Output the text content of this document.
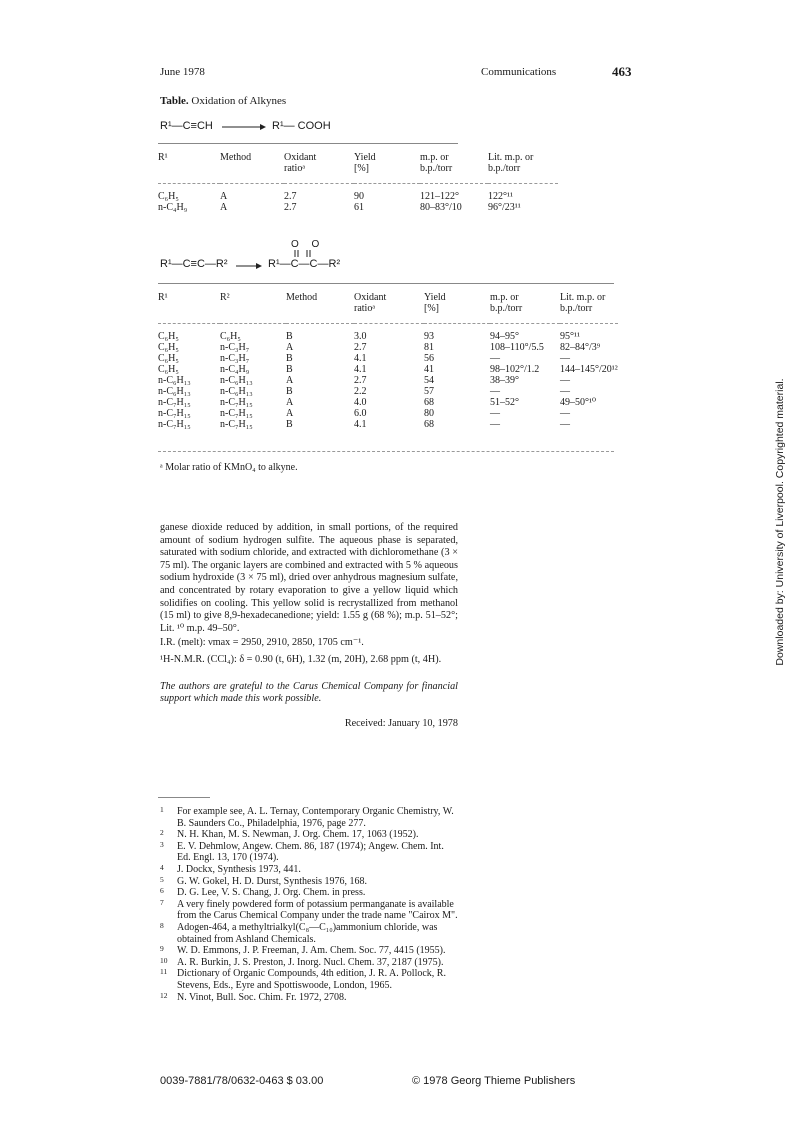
June 1978	Communications	463
Table. Oxidation of Alkynes
R¹—C≡CH → R¹— COOH
R¹	Method	Oxidant	Yield	m.p. or	Lit. m.p. or
		ratioᵃ	[%]	b.p./torr	b.p./torr

C₆H₅	A	2.7	90	121–122°	122°¹¹
n-C₄H₉	A	2.7	61	80–83°/10	96°/23¹¹
O O
R¹—C≡C—R² → R¹—C—C—R²
R¹	R²	Method	Oxidant	Yield	m.p. or	Lit. m.p. or
			ratioᵃ	[%]	b.p./torr	b.p./torr

C₆H₅	C₆H₅	B	3.0	93	94–95°	95°¹¹
C₆H₅	n-C₃H₇	A	2.7	81	108–110°/5.5	82–84°/3⁹
C₆H₅	n-C₃H₇	B	4.1	56	—	—
C₆H₅	n-C₄H₉	B	4.1	41	98–102°/1.2	144–145°/20¹²
n-C₆H₁₃	n-C₆H₁₃	A	2.7	54	38–39°	—
n-C₆H₁₃	n-C₆H₁₃	B	2.2	57	—	—
n-C₇H₁₅	n-C₇H₁₅	A	4.0	68	51–52°	49–50°¹⁰
n-C₇H₁₅	n-C₇H₁₅	A	6.0	80	—	—
n-C₇H₁₅	n-C₇H₁₅	B	4.1	68	—	—
ᵃ Molar ratio of KMnO₄ to alkyne.

ganese dioxide reduced by addition, in small portions, of the required amount of sodium hydrogen sulfite. The aqueous phase is separated, saturated with sodium chloride, and extracted with dichloromethane (3 × 75 ml). The organic layers are combined and extracted with 5 % aqueous sodium hydroxide (3 × 75 ml), dried over anhydrous magnesium sulfate, and concentrated by rotary evaporation to give a yellow liquid which solidifies on cooling. This yellow solid is recrystallized from methanol (15 ml) to give 8,9-hexadecanedione; yield: 1.55 g (68 %); m.p. 51–52°; Lit. ¹⁰ m.p. 49–50°.

I.R. (melt): νmax = 2950, 2910, 2850, 1705 cm⁻¹.

¹H-N.M.R. (CCl₄): δ = 0.90 (t, 6H), 1.32 (m, 20H), 2.68 ppm (t, 4H).

The authors are grateful to the Carus Chemical Company for financial support which made this work possible.

Received: January 10, 1978

1 For example see, A. L. Ternay, Contemporary Organic Chemistry, W. B. Saunders Co., Philadelphia, 1976, page 277.
2 N. H. Khan, M. S. Newman, J. Org. Chem. 17, 1063 (1952).
3 E. V. Dehmlow, Angew. Chem. 86, 187 (1974); Angew. Chem. Int. Ed. Engl. 13, 170 (1974).
4 J. Dockx, Synthesis 1973, 441.
5 G. W. Gokel, H. D. Durst, Synthesis 1976, 168.
6 D. G. Lee, V. S. Chang, J. Org. Chem. in press.
7 A very finely powdered form of potassium permanganate is available from the Carus Chemical Company under the trade name "Cairox M".
8 Adogen-464, a methyltrialkyl(C₈—C₁₀)ammonium chloride, was obtained from Ashland Chemicals.
9 W. D. Emmons, J. P. Freeman, J. Am. Chem. Soc. 77, 4415 (1955).
10 A. R. Burkin, J. S. Preston, J. Inorg. Nucl. Chem. 37, 2187 (1975).
11 Dictionary of Organic Compounds, 4th edition, J. R. A. Pollock, R. Stevens, Eds., Eyre and Spottiswoode, London, 1965.
12 N. Vinot, Bull. Soc. Chim. Fr. 1972, 2708.
0039-7881/78/0632-0463 $ 03.00	© 1978 Georg Thieme Publishers
Downloaded by: University of Liverpool. Copyrighted material.
